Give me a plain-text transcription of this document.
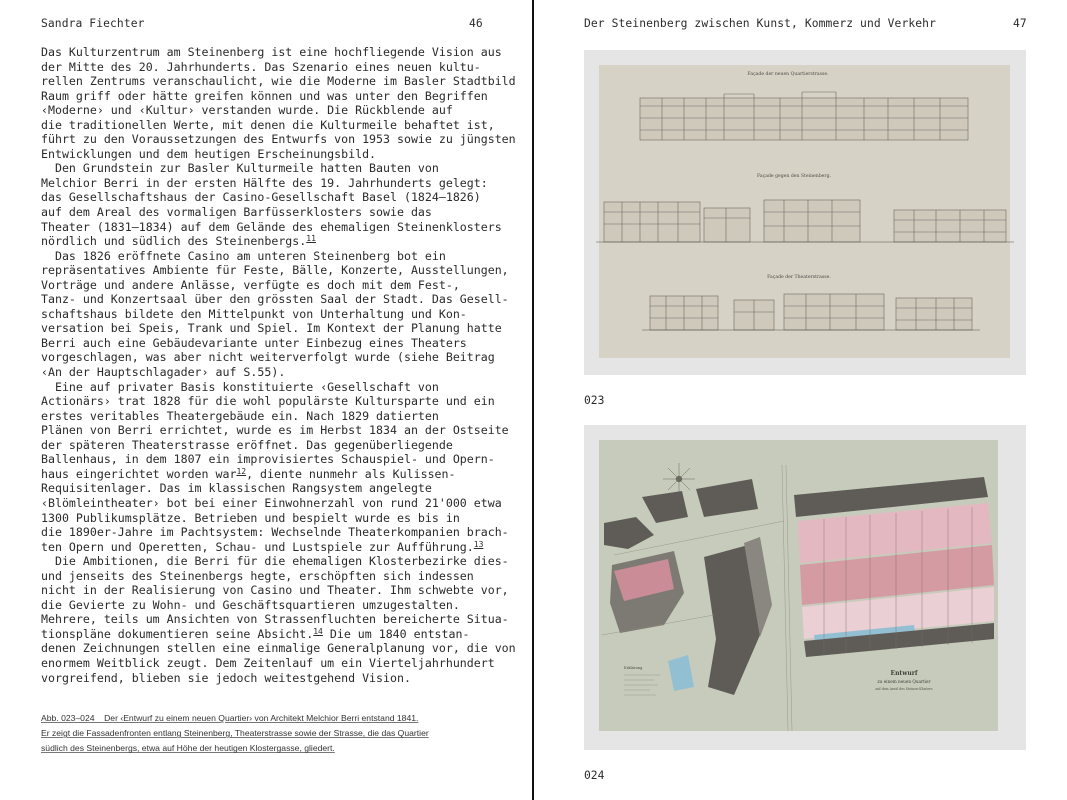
Sandra Fiechter	46

Das Kulturzentrum am Steinenberg ist eine hochfliegende Vision aus

der Mitte des 20. Jahrhunderts. Das Szenario eines neuen kultu-

rellen Zentrums veranschaulicht, wie die Moderne im Basler Stadtbild

Raum griff oder hätte greifen können und was unter den Begriffen

‹Moderne› und ‹Kultur› verstanden wurde. Die Rückblende auf

die traditionellen Werte, mit denen die Kulturmeile behaftet ist,

führt zu den Voraussetzungen des Entwurfs von 1953 sowie zu jüngsten

Entwicklungen und dem heutigen Erscheinungsbild.

Den Grundstein zur Basler Kulturmeile hatten Bauten von

Melchior Berri in der ersten Hälfte des 19. Jahrhunderts gelegt:

das Gesellschaftshaus der Casino-Gesellschaft Basel (1824–1826)

auf dem Areal des vormaligen Barfüsserklosters sowie das

Theater (1831–1834) auf dem Gelände des ehemaligen Steinenklosters

nördlich und südlich des Steinenbergs.$^{11}$

Das 1826 eröffnete Casino am unteren Steinenberg bot ein

repräsentatives Ambiente für Feste, Bälle, Konzerte, Ausstellungen,

Vorträge und andere Anlässe, verfügte es doch mit dem Fest-,

Tanz- und Konzertsaal über den grössten Saal der Stadt. Das Gesell-

schaftshaus bildete den Mittelpunkt von Unterhaltung und Kon-

versation bei Speis, Trank und Spiel. Im Kontext der Planung hatte

Berri auch eine Gebäudevariante unter Einbezug eines Theaters

vorgeschlagen, was aber nicht weiterverfolgt wurde (siehe Beitrag

‹An der Hauptschlagader› auf S.55).

Eine auf privater Basis konstituierte ‹Gesellschaft von

Actionärs› trat 1828 für die wohl populärste Kultursparte und ein

erstes veritables Theatergebäude ein. Nach 1829 datierten

Plänen von Berri errichtet, wurde es im Herbst 1834 an der Ostseite

der späteren Theaterstrasse eröffnet. Das gegenüberliegende

Ballenhaus, in dem 1807 ein improvisiertes Schauspiel- und Opern-

haus eingerichtet worden war$^{12}$, diente nunmehr als Kulissen-

Requisitenlager. Das im klassischen Rangsystem angelegte

‹Blömleintheater› bot bei einer Einwohnerzahl von rund 21'000 etwa

1300 Publikumsplätze. Betrieben und bespielt wurde es bis in

die 1890er-Jahre im Pachtsystem: Wechselnde Theaterkompanien brach-

ten Opern und Operetten, Schau- und Lustspiele zur Aufführung.$^{13}$

Die Ambitionen, die Berri für die ehemaligen Klosterbezirke dies-

und jenseits des Steinenbergs hegte, erschöpften sich indessen

nicht in der Realisierung von Casino und Theater. Ihm schwebte vor,

die Gevierte zu Wohn- und Geschäftsquartieren umzugestalten.

Mehrere, teils um Ansichten von Strassenfluchten bereicherte Situa-

tionspläne dokumentieren seine Absicht.$^{14}$ Die um 1840 entstan-

denen Zeichnungen stellen eine einmalige Generalplanung vor, die von

enormem Weitblick zeugt. Dem Zeitenlauf um ein Vierteljahrhundert

vorgreifend, blieben sie jedoch weitestgehend Vision.

Abb. 023–024 Der ‹Entwurf zu einem neuen Quartier› von Architekt Melchior Berri entstand 1841.
Er zeigt die Fassadenfronten entlang Steinenberg, Theaterstrasse sowie der Strasse, die das Quartier
südlich des Steinenbergs, etwa auf Höhe der heutigen Klostergasse, gliedert.
Der Steinenberg zwischen Kunst, Kommerz und Verkehr	47
Façade der neuen Quartierstrasse.
Façade gegen den Steinenberg.
Façade der Theaterstrasse.
023
Entwurf
zu einem neuen Quartier
auf dem Areal des Steinen-Klosters
Erklärung
024
